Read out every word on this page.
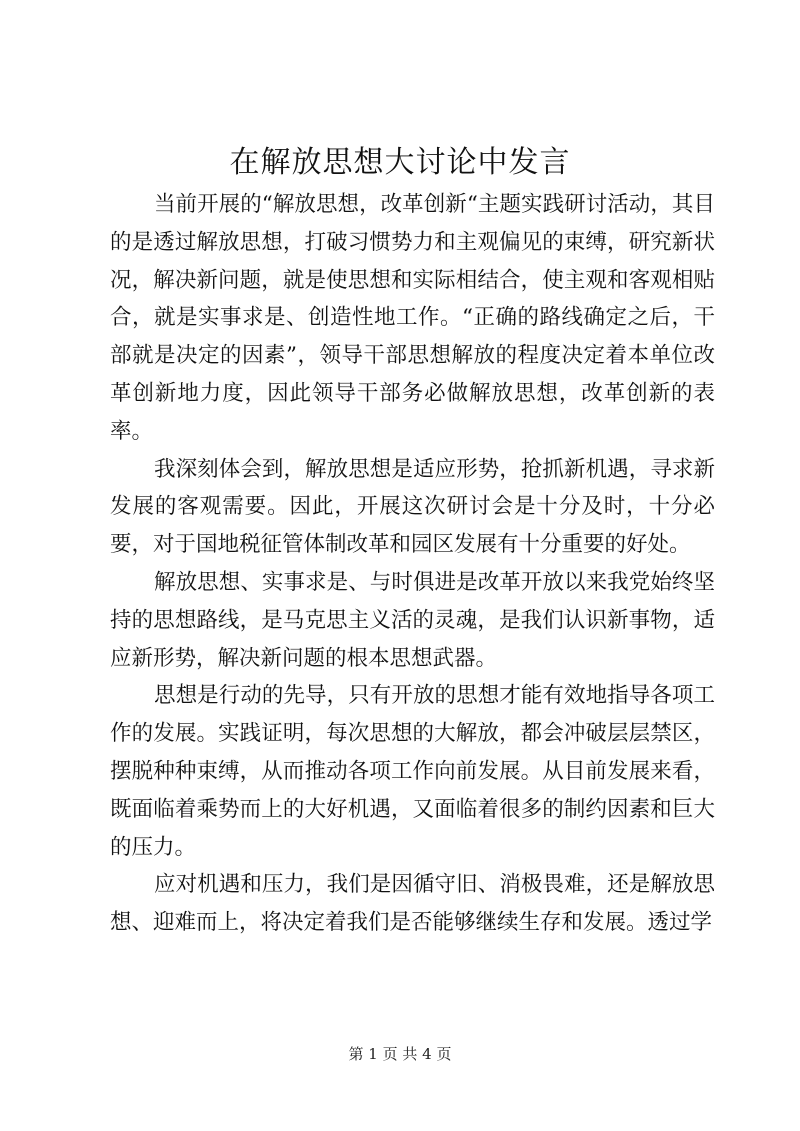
在解放思想大讨论中发言

当前开展的“解放思想，改革创新“主题实践研讨活动，其目的是透过解放思想，打破习惯势力和主观偏见的束缚，研究新状况，解决新问题，就是使思想和实际相结合，使主观和客观相贴合，就是实事求是、创造性地工作。“正确的路线确定之后，干部就是决定的因素”，领导干部思想解放的程度决定着本单位改革创新地力度，因此领导干部务必做解放思想，改革创新的表率。

我深刻体会到，解放思想是适应形势，抢抓新机遇，寻求新发展的客观需要。因此，开展这次研讨会是十分及时，十分必要，对于国地税征管体制改革和园区发展有十分重要的好处。

解放思想、实事求是、与时俱进是改革开放以来我党始终坚持的思想路线，是马克思主义活的灵魂，是我们认识新事物，适应新形势，解决新问题的根本思想武器。

思想是行动的先导，只有开放的思想才能有效地指导各项工作的发展。实践证明，每次思想的大解放，都会冲破层层禁区，摆脱种种束缚，从而推动各项工作向前发展。从目前发展来看，既面临着乘势而上的大好机遇，又面临着很多的制约因素和巨大的压力。

应对机遇和压力，我们是因循守旧、消极畏难，还是解放思想、迎难而上，将决定着我们是否能够继续生存和发展。透过学

第 1 页 共 4 页
